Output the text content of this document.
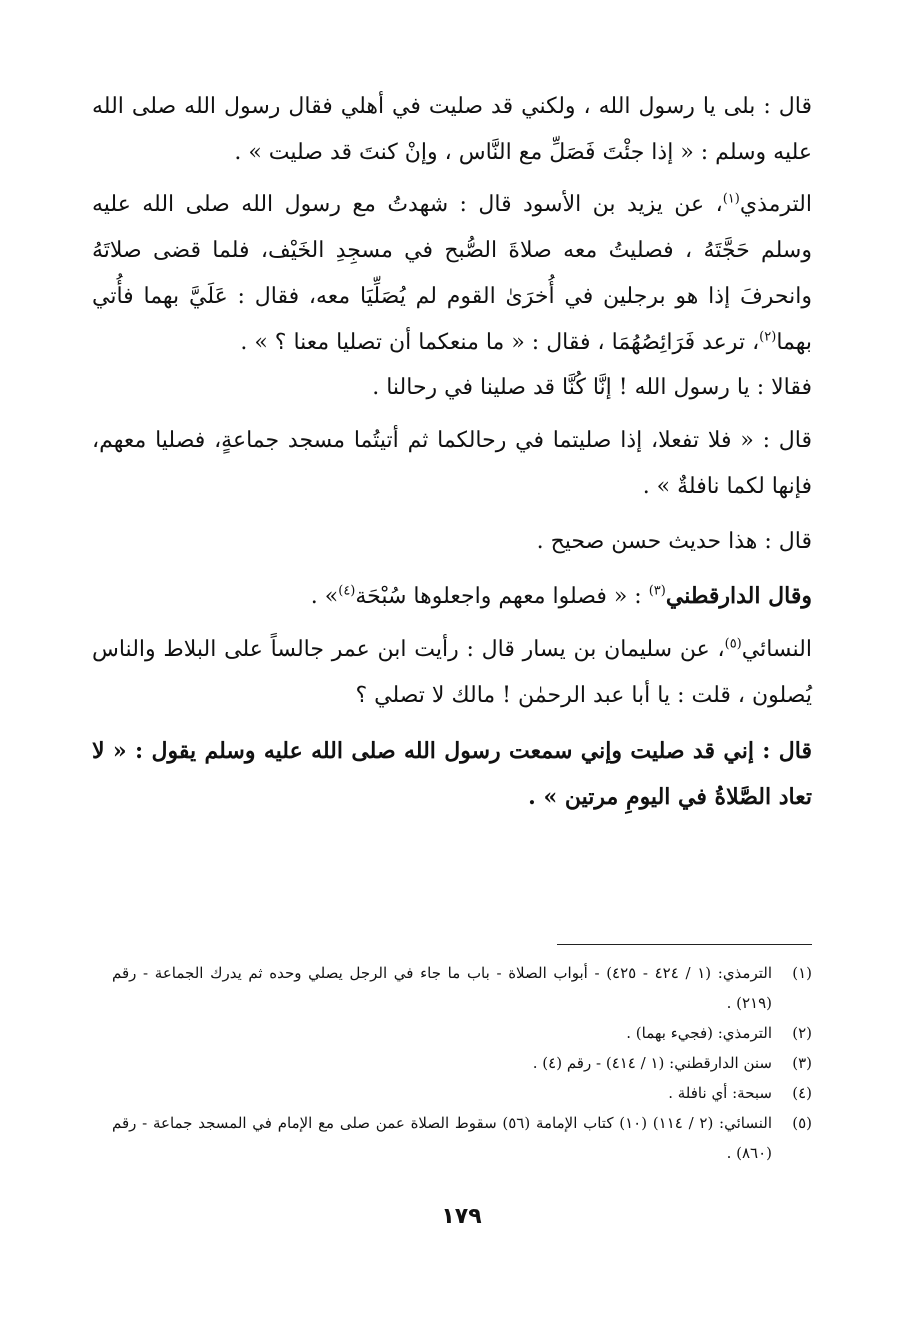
قال : بلى يا رسول الله ، ولكني قد صليت في أهلي فقال رسول الله صلى الله عليه وسلم : « إذا جئْتَ فَصَلِّ مع النَّاس ، وإنْ كنتَ قد صليت » .

الترمذي$^{(١)}$، عن يزيد بن الأسود قال : شهدتُ مع رسول الله صلى الله عليه وسلم حَجَّتَهُ ، فصليتُ معه صلاةَ الصُّبح في مسجِدِ الخَيْف، فلما قضى صلاتَهُ وانحرفَ إذا هو برجلين في أُخرَىٰ القوم لم يُصَلِّيَا معه، فقال : عَلَيَّ بهما فأُتي بهما$^{(٢)}$، ترعد فَرَائِصُهُمَا ، فقال : « ما منعكما أن تصليا معنا ؟ » .

فقالا : يا رسول الله ! إنَّا كُنَّا قد صلينا في رحالنا .

قال : « فلا تفعلا، إذا صليتما في رحالكما ثم أتيتُما مسجد جماعةٍ، فصليا معهم، فإنها لكما نافلةٌ » .

قال : هذا حديث حسن صحيح .

وقال الدارقطني$^{(٣)}$ : « فصلوا معهم واجعلوها سُبْحَة$^{(٤)}$» .

النسائي$^{(٥)}$، عن سليمان بن يسار قال : رأيت ابن عمر جالساً على البلاط والناس يُصلون ، قلت : يا أبا عبد الرحمٰن ! مالك لا تصلي ؟

قال : إني قد صليت وإني سمعت رسول الله صلى الله عليه وسلم يقول : « لا تعاد الصَّلاةُ في اليومِ مرتين » .

(١)
الترمذي: (١ / ٤٢٤ - ٤٢٥) - أبواب الصلاة - باب ما جاء في الرجل يصلي وحده ثم يدرك الجماعة - رقم (٢١٩) .
(٢)
الترمذي: (فجيء بهما) .
(٣)
سنن الدارقطني: (١ / ٤١٤) - رقم (٤) .
(٤)
سبحة: أي نافلة .
(٥)
النسائي: (٢ / ١١٤) (١٠) كتاب الإمامة (٥٦) سقوط الصلاة عمن صلى مع الإمام في المسجد جماعة - رقم (٨٦٠) .
١٧٩
